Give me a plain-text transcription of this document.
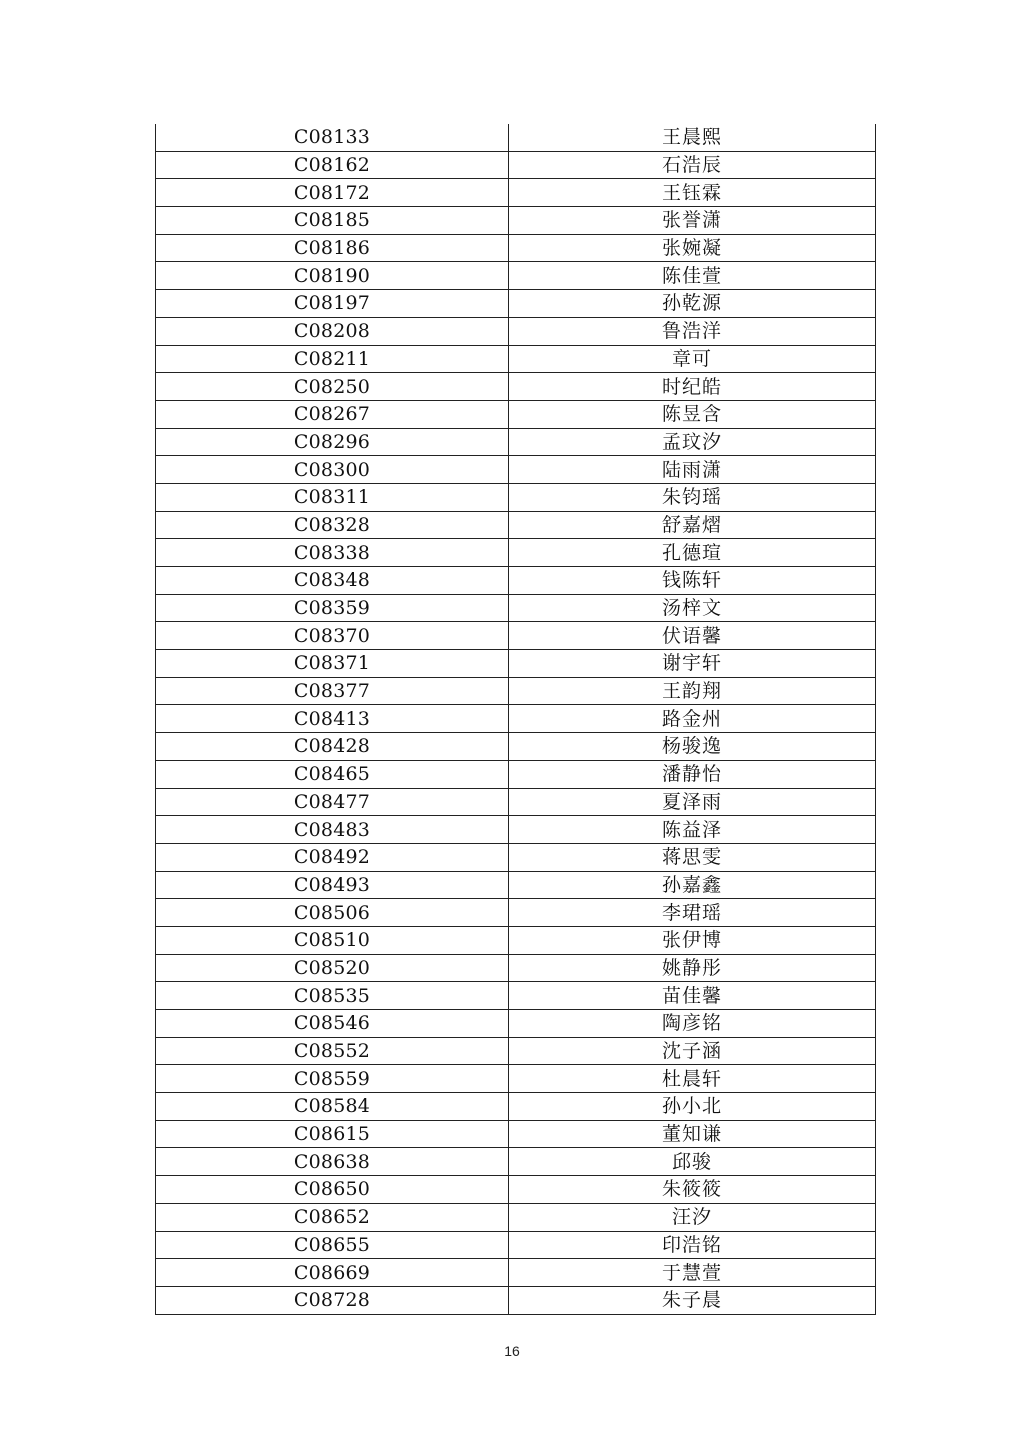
C08133	王晨熙
C08162	石浩辰
C08172	王钰霖
C08185	张誉潇
C08186	张婉凝
C08190	陈佳萱
C08197	孙乾源
C08208	鲁浩洋
C08211	章可
C08250	时纪皓
C08267	陈昱含
C08296	孟玟汐
C08300	陆雨潇
C08311	朱钧瑶
C08328	舒嘉熠
C08338	孔德瑄
C08348	钱陈轩
C08359	汤梓文
C08370	伏语馨
C08371	谢宇轩
C08377	王韵翔
C08413	路金州
C08428	杨骏逸
C08465	潘静怡
C08477	夏泽雨
C08483	陈益泽
C08492	蒋思雯
C08493	孙嘉鑫
C08506	李珺瑶
C08510	张伊博
C08520	姚静彤
C08535	苗佳馨
C08546	陶彦铭
C08552	沈子涵
C08559	杜晨轩
C08584	孙小北
C08615	董知谦
C08638	邱骏
C08650	朱筱筱
C08652	汪汐
C08655	印浩铭
C08669	于慧萱
C08728	朱子晨
16
